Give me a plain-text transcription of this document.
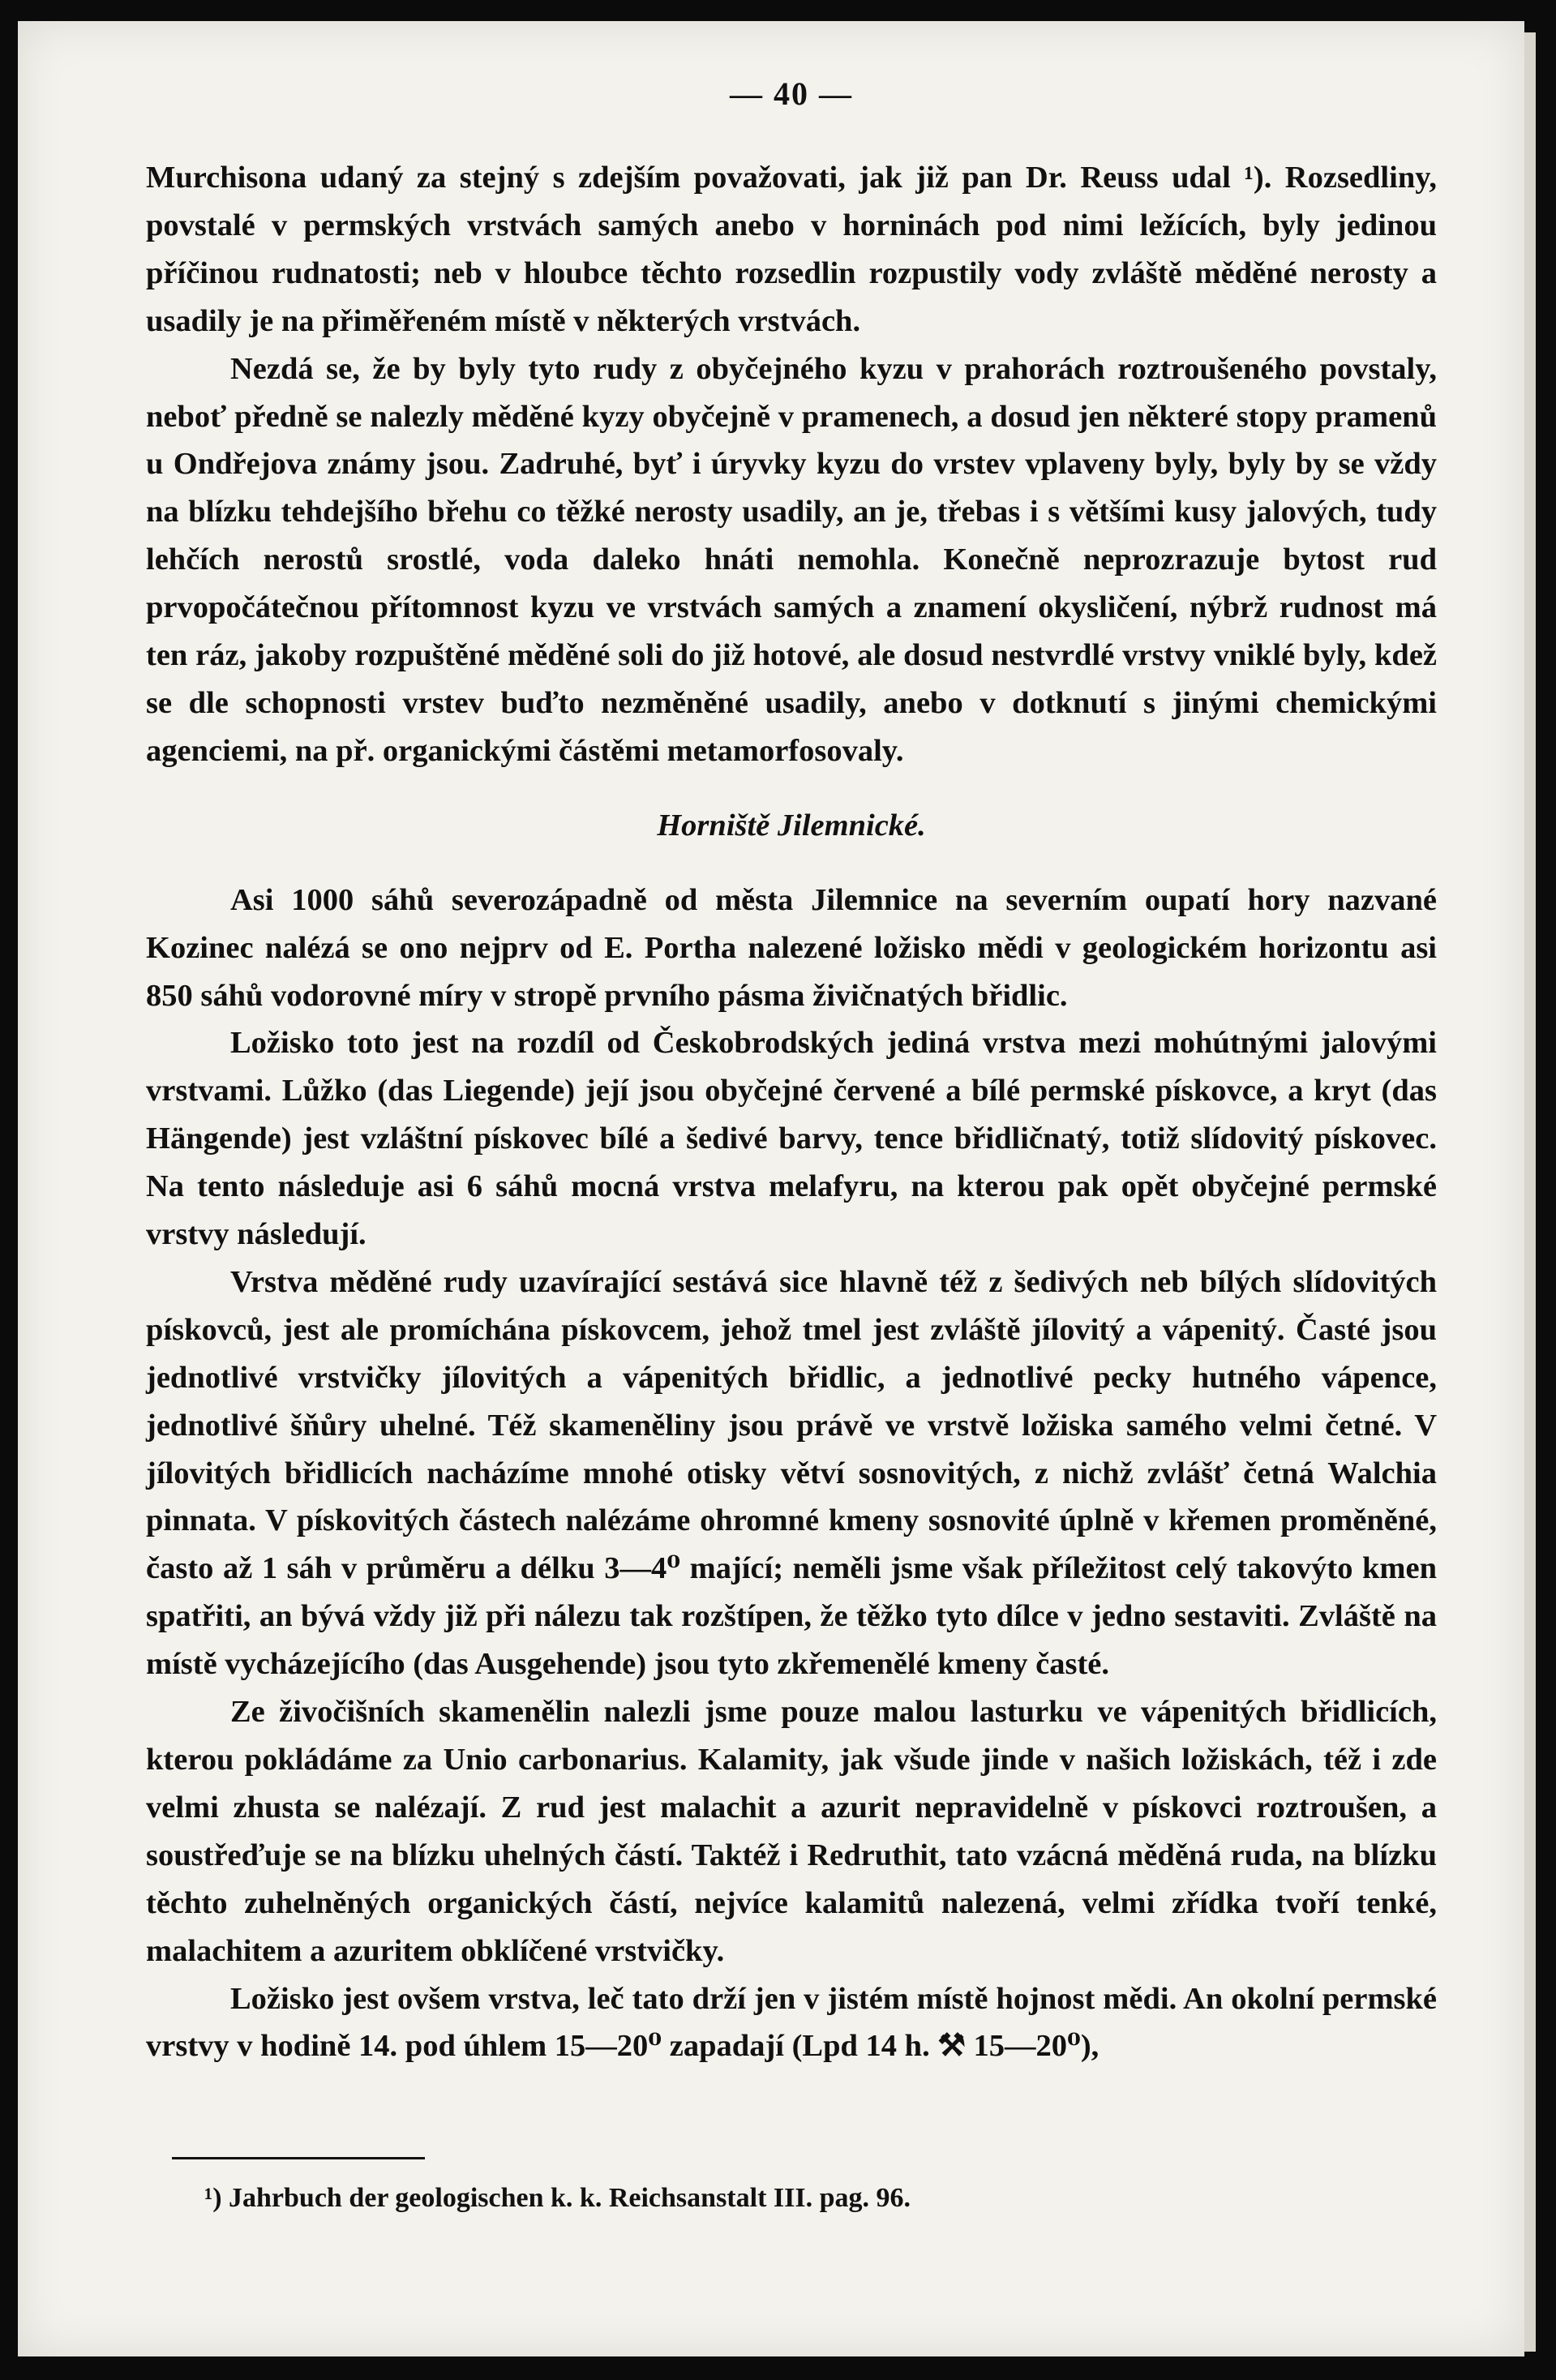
— 40 —

Murchisona udaný za stejný s zdejším považovati, jak již pan Dr. Reuss udal ¹). Rozsedliny, povstalé v permských vrstvách samých anebo v horninách pod nimi ležících, byly jedinou příčinou rudnatosti; neb v hloubce těchto rozsedlin rozpustily vody zvláště měděné nerosty a usadily je na přiměřeném místě v některých vrstvách.

Nezdá se, že by byly tyto rudy z obyčejného kyzu v prahorách roztroušeného povstaly, neboť předně se nalezly měděné kyzy obyčejně v pramenech, a dosud jen některé stopy pramenů u Ondřejova známy jsou. Zadruhé, byť i úryvky kyzu do vrstev vplaveny byly, byly by se vždy na blízku tehdejšího břehu co těžké nerosty usadily, an je, třebas i s většími kusy jalových, tudy lehčích nerostů srostlé, voda daleko hnáti nemohla. Konečně neprozrazuje bytost rud prvopočátečnou přítomnost kyzu ve vrstvách samých a znamení okysličení, nýbrž rudnost má ten ráz, jakoby rozpuštěné měděné soli do již hotové, ale dosud nestvrdlé vrstvy vniklé byly, kdež se dle schopnosti vrstev buďto nezměněné usadily, anebo v dotknutí s jinými chemickými agenciemi, na př. organickými částěmi metamorfosovaly.

Horniště Jilemnické.

Asi 1000 sáhů severozápadně od města Jilemnice na severním oupatí hory nazvané Kozinec nalézá se ono nejprv od E. Portha nalezené ložisko mědi v geologickém horizontu asi 850 sáhů vodorovné míry v stropě prvního pásma živičnatých břidlic.

Ložisko toto jest na rozdíl od Českobrodských jediná vrstva mezi mohútnými jalovými vrstvami. Lůžko (das Liegende) její jsou obyčejné červené a bílé permské pískovce, a kryt (das Hängende) jest vzláštní pískovec bílé a šedivé barvy, tence břidličnatý, totiž slídovitý pískovec. Na tento následuje asi 6 sáhů mocná vrstva melafyru, na kterou pak opět obyčejné permské vrstvy následují.

Vrstva měděné rudy uzavírající sestává sice hlavně též z šedivých neb bílých slídovitých pískovců, jest ale promíchána pískovcem, jehož tmel jest zvláště jílovitý a vápenitý. Časté jsou jednotlivé vrstvičky jílovitých a vápenitých břidlic, a jednotlivé pecky hutného vápence, jednotlivé šňůry uhelné. Též skameněliny jsou právě ve vrstvě ložiska samého velmi četné. V jílovitých břidlicích nacházíme mnohé otisky větví sosnovitých, z nichž zvlášť četná Walchia pinnata. V pískovitých částech nalézáme ohromné kmeny sosnovité úplně v křemen proměněné, často až 1 sáh v průměru a délku 3—4⁰ mající; neměli jsme však příležitost celý takovýto kmen spatřiti, an bývá vždy již při nálezu tak rozštípen, že těžko tyto dílce v jedno sestaviti. Zvláště na místě vycházejícího (das Ausgehende) jsou tyto zkřemenělé kmeny časté.

Ze živočišních skamenělin nalezli jsme pouze malou lasturku ve vápenitých břidlicích, kterou pokládáme za Unio carbonarius. Kalamity, jak všude jinde v našich ložiskách, též i zde velmi zhusta se nalézají. Z rud jest malachit a azurit nepravidelně v pískovci roztroušen, a soustřeďuje se na blízku uhelných částí. Taktéž i Redruthit, tato vzácná měděná ruda, na blízku těchto zuhelněných organických částí, nejvíce kalamitů nalezená, velmi zřídka tvoří tenké, malachitem a azuritem obklíčené vrstvičky.

Ložisko jest ovšem vrstva, leč tato drží jen v jistém místě hojnost mědi. An okolní permské vrstvy v hodině 14. pod úhlem 15—20⁰ zapadají (Lpd 14 h. ⚒ 15—20⁰),

¹) Jahrbuch der geologischen k. k. Reichsanstalt III. pag. 96.
